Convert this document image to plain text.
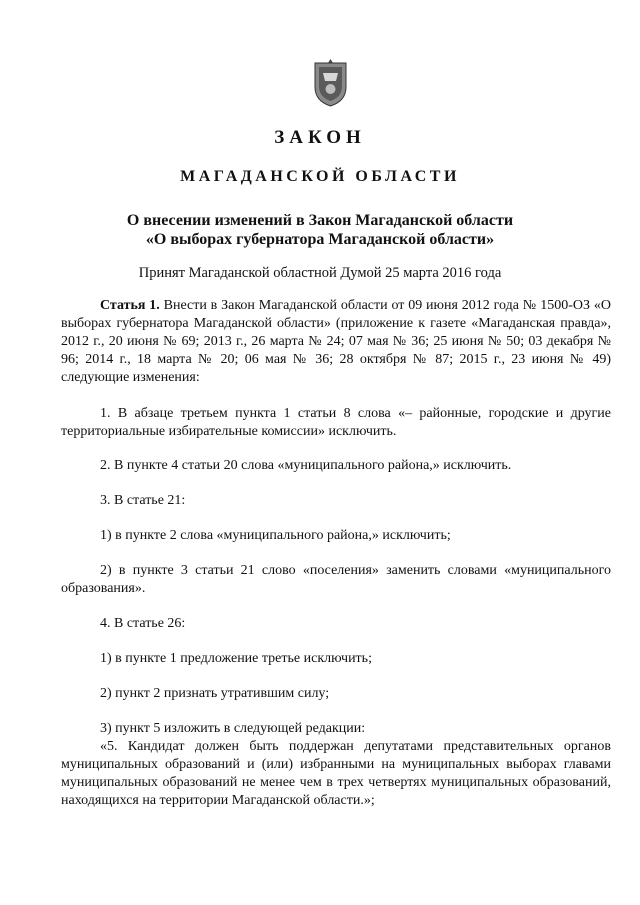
ЗАКОН
МАГАДАНСКОЙ ОБЛАСТИ
О внесении изменений в Закон Магаданской области
«О выборах губернатора Магаданской области»
Принят Магаданской областной Думой 25 марта 2016 года

Статья 1. Внести в Закон Магаданской области от 09 июня 2012 года № 1500-ОЗ «О выборах губернатора Магаданской области» (приложение к газете «Магаданская правда», 2012 г., 20 июня № 69; 2013 г., 26 марта № 24; 07 мая № 36; 25 июня № 50; 03 декабря № 96; 2014 г., 18 марта № 20; 06 мая № 36; 28 октября № 87; 2015 г., 23 июня № 49) следующие изменения:

1. В абзаце третьем пункта 1 статьи 8 слова «– районные, городские и другие территориальные избирательные комиссии» исключить.

2. В пункте 4 статьи 20 слова «муниципального района,» исключить.

3. В статье 21:

1) в пункте 2 слова «муниципального района,» исключить;

2) в пункте 3 статьи 21 слово «поселения» заменить словами «муниципального образования».

4. В статье 26:

1) в пункте 1 предложение третье исключить;

2) пункт 2 признать утратившим силу;

3) пункт 5 изложить в следующей редакции:

«5. Кандидат должен быть поддержан депутатами представительных органов муниципальных образований и (или) избранными на муниципальных выборах главами муниципальных образований не менее чем в трех четвертях муниципальных образований, находящихся на территории Магаданской области.»;
